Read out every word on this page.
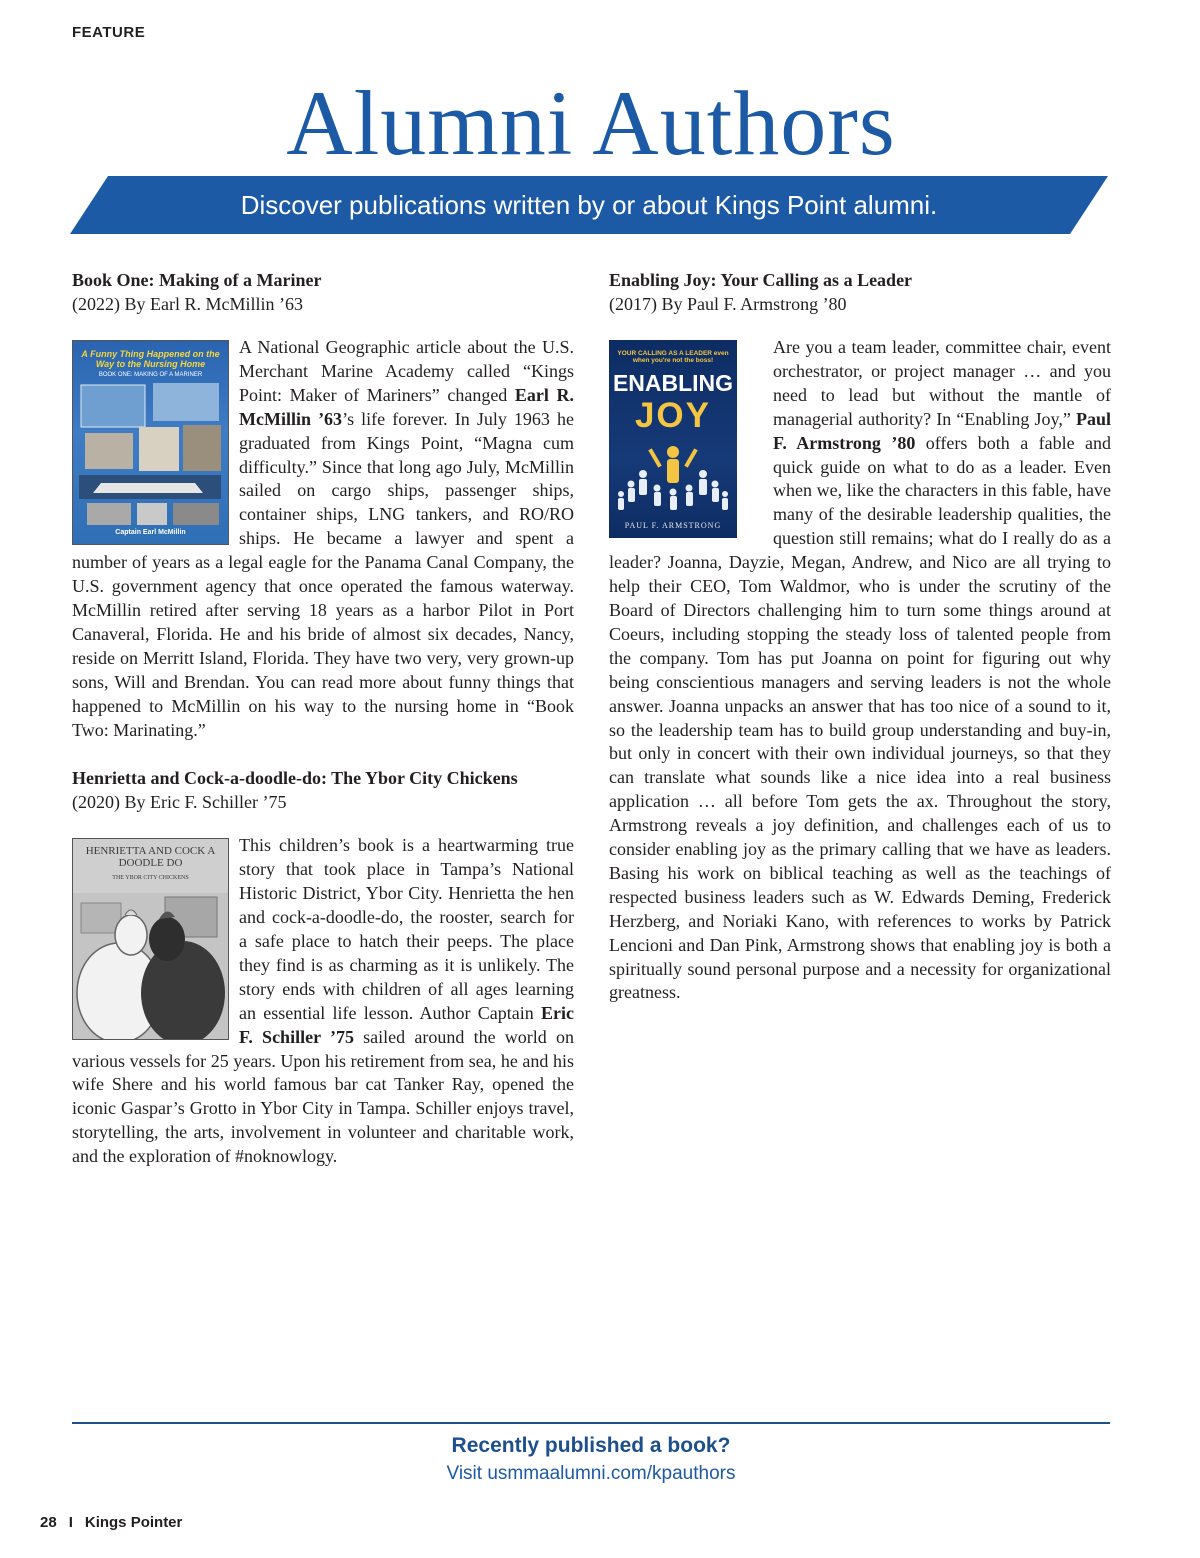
FEATURE
Alumni Authors
Discover publications written by or about Kings Point alumni.

Book One: Making of a Mariner

(2022) By Earl R. McMillin ’63

A Funny Thing Happened on the Way to the Nursing Home
BOOK ONE: MAKING OF A MARINER
Captain Earl McMillin

A National Geographic article about the U.S. Merchant Marine Academy called “Kings Point: Maker of Mariners” changed Earl R. McMillin ’63’s life forever. In July 1963 he graduated from Kings Point, “Magna cum difficulty.” Since that long ago July, McMillin sailed on cargo ships, passenger ships, container ships, LNG tankers, and RO/RO ships. He became a lawyer and spent a number of years as a legal eagle for the Panama Canal Company, the U.S. government agency that once operated the famous waterway. McMillin retired after serving 18 years as a harbor Pilot in Port Canaveral, Florida. He and his bride of almost six decades, Nancy, reside on Merritt Island, Florida. They have two very, very grown-up sons, Will and Brendan. You can read more about funny things that happened to McMillin on his way to the nursing home in “Book Two: Marinating.”

Henrietta and Cock-a-doodle-do: The Ybor City Chickens

(2020) By Eric F. Schiller ’75

HENRIETTA AND COCK A DOODLE DO
THE YBOR CITY CHICKENS

This children’s book is a heartwarming true story that took place in Tampa’s National Historic District, Ybor City. Henrietta the hen and cock-a-doodle-do, the rooster, search for a safe place to hatch their peeps. The place they find is as charming as it is unlikely. The story ends with children of all ages learning an essential life lesson. Author Captain Eric F. Schiller ’75 sailed around the world on various vessels for 25 years. Upon his retirement from sea, he and his wife Shere and his world famous bar cat Tanker Ray, opened the iconic Gaspar’s Grotto in Ybor City in Tampa. Schiller enjoys travel, storytelling, the arts, involvement in volunteer and charitable work, and the exploration of #noknowlogy.

Enabling Joy: Your Calling as a Leader

(2017) By Paul F. Armstrong ’80

YOUR CALLING AS A LEADER even when you're not the boss!
ENABLING
JOY
PAUL F. ARMSTRONG

Are you a team leader, committee chair, event orchestrator, or project manager … and you need to lead but without the mantle of managerial authority? In “Enabling Joy,” Paul F. Armstrong ’80 offers both a fable and quick guide on what to do as a leader. Even when we, like the characters in this fable, have many of the desirable leadership qualities, the question still remains; what do I really do as a leader? Joanna, Dayzie, Megan, Andrew, and Nico are all trying to help their CEO, Tom Waldmor, who is under the scrutiny of the Board of Directors challenging him to turn some things around at Coeurs, including stopping the steady loss of talented people from the company. Tom has put Joanna on point for figuring out why being conscientious managers and serving leaders is not the whole answer. Joanna unpacks an answer that has too nice of a sound to it, so the leadership team has to build group understanding and buy-in, but only in concert with their own individual journeys, so that they can translate what sounds like a nice idea into a real business application … all before Tom gets the ax. Throughout the story, Armstrong reveals a joy definition, and challenges each of us to consider enabling joy as the primary calling that we have as leaders. Basing his work on biblical teaching as well as the teachings of respected business leaders such as W. Edwards Deming, Frederick Herzberg, and Noriaki Kano, with references to works by Patrick Lencioni and Dan Pink, Armstrong shows that enabling joy is both a spiritually sound personal purpose and a necessity for organizational greatness.

Recently published a book?
Visit usmmaalumni.com/kpauthors
28 I Kings Pointer
